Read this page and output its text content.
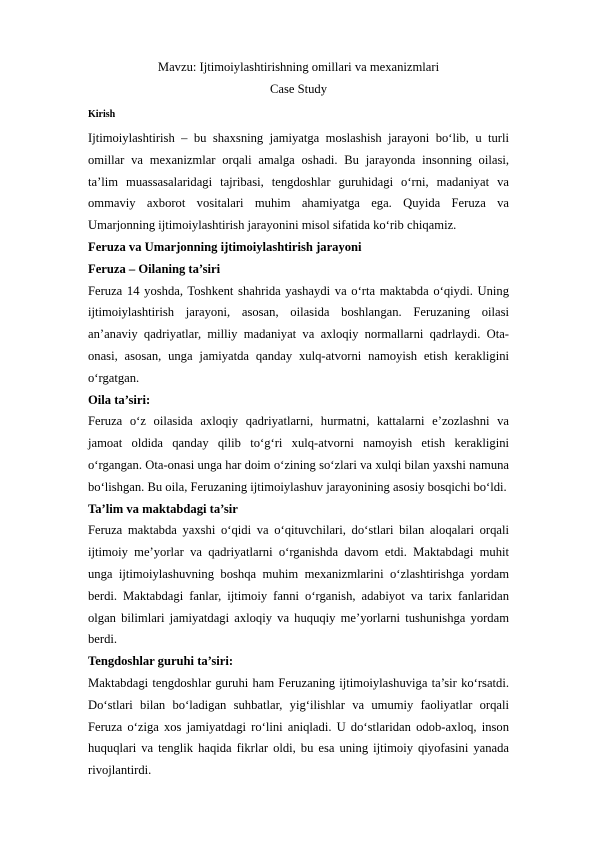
Mavzu: Ijtimoiylashtirishning omillari va mexanizmlari

Case Study

Kirish

Ijtimoiylashtirish – bu shaxsning jamiyatga moslashish jarayoni bo‘lib, u turli omillar va mexanizmlar orqali amalga oshadi. Bu jarayonda insonning oilasi, ta’lim muassasalaridagi tajribasi, tengdoshlar guruhidagi o‘rni, madaniyat va ommaviy axborot vositalari muhim ahamiyatga ega. Quyida Feruza va Umarjonning ijtimoiylashtirish jarayonini misol sifatida ko‘rib chiqamiz.

Feruza va Umarjonning ijtimoiylashtirish jarayoni

Feruza – Oilaning ta’siri

Feruza 14 yoshda, Toshkent shahrida yashaydi va o‘rta maktabda o‘qiydi. Uning ijtimoiylashtirish jarayoni, asosan, oilasida boshlangan. Feruzaning oilasi an’anaviy qadriyatlar, milliy madaniyat va axloqiy normallarni qadrlaydi. Ota-onasi, asosan, unga jamiyatda qanday xulq-atvorni namoyish etish kerakligini o‘rgatgan.

Oila ta’siri:

Feruza o‘z oilasida axloqiy qadriyatlarni, hurmatni, kattalarni e’zozlashni va jamoat oldida qanday qilib to‘g‘ri xulq-atvorni namoyish etish kerakligini o‘rgangan. Ota-onasi unga har doim o‘zining so‘zlari va xulqi bilan yaxshi namuna bo‘lishgan. Bu oila, Feruzaning ijtimoiylashuv jarayonining asosiy bosqichi bo‘ldi.

Ta’lim va maktabdagi ta’sir

Feruza maktabda yaxshi o‘qidi va o‘qituvchilari, do‘stlari bilan aloqalari orqali ijtimoiy me’yorlar va qadriyatlarni o‘rganishda davom etdi. Maktabdagi muhit unga ijtimoiylashuvning boshqa muhim mexanizmlarini o‘zlashtirishga yordam berdi. Maktabdagi fanlar, ijtimoiy fanni o‘rganish, adabiyot va tarix fanlaridan olgan bilimlari jamiyatdagi axloqiy va huquqiy me’yorlarni tushunishga yordam berdi.

Tengdoshlar guruhi ta’siri:

Maktabdagi tengdoshlar guruhi ham Feruzaning ijtimoiylashuviga ta’sir ko‘rsatdi. Do‘stlari bilan bo‘ladigan suhbatlar, yig‘ilishlar va umumiy faoliyatlar orqali Feruza o‘ziga xos jamiyatdagi ro‘lini aniqladi. U do‘stlaridan odob-axloq, inson huquqlari va tenglik haqida fikrlar oldi, bu esa uning ijtimoiy qiyofasini yanada rivojlantirdi.
